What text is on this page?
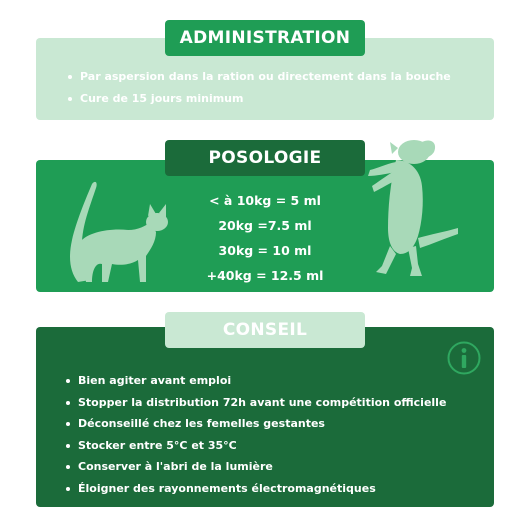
ADMINISTRATION
Par aspersion dans la ration ou directement dans la bouche
Cure de 15 jours minimum
POSOLOGIE
< à 10kg = 5 ml
20kg =7.5 ml
30kg = 10 ml
+40kg = 12.5 ml
CONSEIL
Bien agiter avant emploi
Stopper la distribution 72h avant une compétition officielle
Déconseillé chez les femelles gestantes
Stocker entre 5°C et 35°C
Conserver à l'abri de la lumière
Éloigner des rayonnements électromagnétiques
